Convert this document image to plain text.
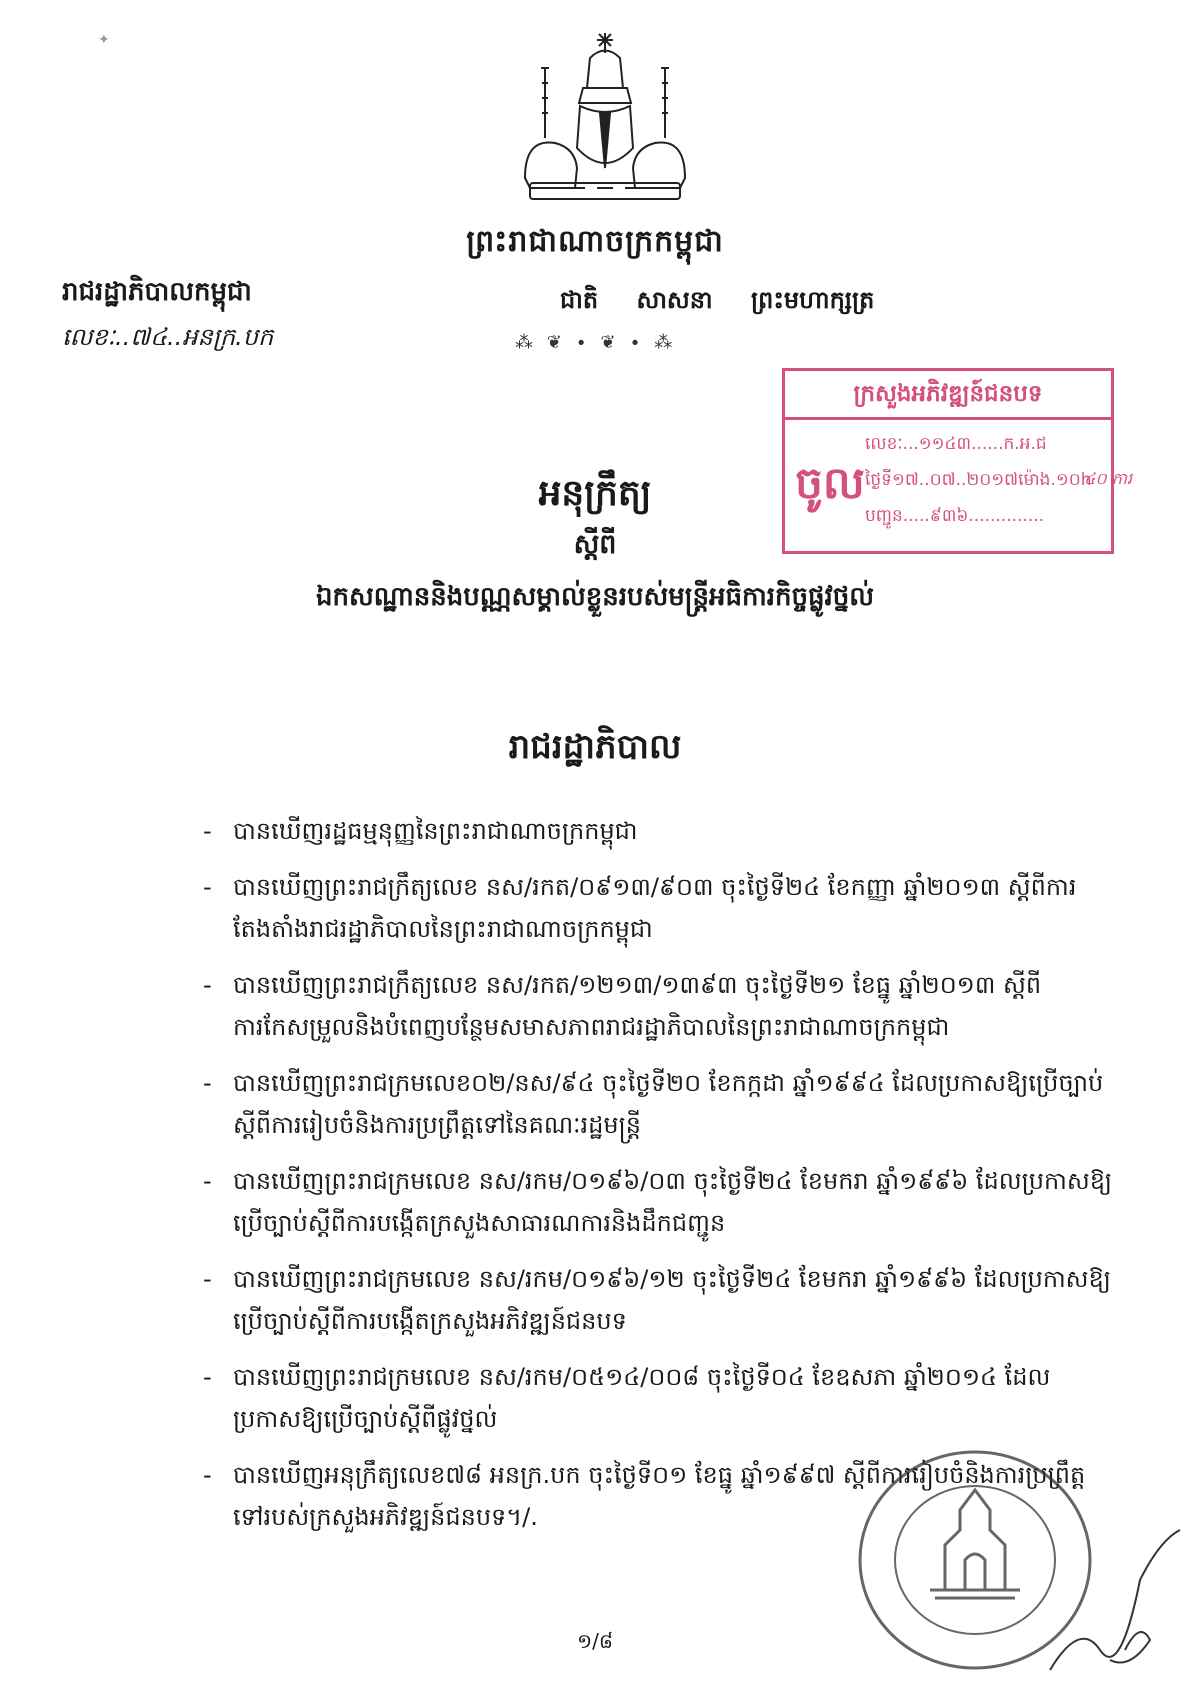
✦
ព្រះរាជាណាចក្រកម្ពុជា
រាជរដ្ឋាភិបាលកម្ពុជា	ជាតិ សាសនា ព្រះមហាក្សត្រ
លេខៈ..៧៤..អនក្រ.បក	⁂ ❦ ∙ ❦ ∙ ⁂
ក្រសួងអភិវឌ្ឍន៍ជនបទ
ចូល
លេខៈ...១១៤៣......ក.អ.ជ
ថ្ងៃទី១៧..០៧..២០១៧ម៉ោង.១០h
បញ្ជូន.....៩៣៦..............
៤០ ការ
អនុក្រឹត្យ
ស្ដីពី
ឯកសណ្ឋាននិងបណ្ណសម្គាល់ខ្លួនរបស់មន្ត្រីអធិការកិច្ចផ្លូវថ្នល់
រាជរដ្ឋាភិបាល
- បានឃើញរដ្ឋធម្មនុញ្ញនៃព្រះរាជាណាចក្រកម្ពុជា
- បានឃើញព្រះរាជក្រឹត្យលេខ នស/រកត/០៩១៣/៩០៣ ចុះថ្ងៃទី២៤ ខែកញ្ញា ឆ្នាំ២០១៣ ស្ដីពីការតែងតាំងរាជរដ្ឋាភិបាលនៃព្រះរាជាណាចក្រកម្ពុជា
- បានឃើញព្រះរាជក្រឹត្យលេខ នស/រកត/១២១៣/១៣៩៣ ចុះថ្ងៃទី២១ ខែធ្នូ ឆ្នាំ២០១៣ ស្ដីពីការកែសម្រួលនិងបំពេញបន្ថែមសមាសភាពរាជរដ្ឋាភិបាលនៃព្រះរាជាណាចក្រកម្ពុជា
- បានឃើញព្រះរាជក្រមលេខ០២/នស/៩៤ ចុះថ្ងៃទី២០ ខែកក្កដា ឆ្នាំ១៩៩៤ ដែលប្រកាសឱ្យប្រើច្បាប់ស្ដីពីការរៀបចំនិងការប្រព្រឹត្តទៅនៃគណៈរដ្ឋមន្ត្រី
- បានឃើញព្រះរាជក្រមលេខ នស/រកម/០១៩៦/០៣ ចុះថ្ងៃទី២៤ ខែមករា ឆ្នាំ១៩៩៦ ដែលប្រកាសឱ្យប្រើច្បាប់ស្ដីពីការបង្កើតក្រសួងសាធារណការនិងដឹកជញ្ជូន
- បានឃើញព្រះរាជក្រមលេខ នស/រកម/០១៩៦/១២ ចុះថ្ងៃទី២៤ ខែមករា ឆ្នាំ១៩៩៦ ដែលប្រកាសឱ្យប្រើច្បាប់ស្ដីពីការបង្កើតក្រសួងអភិវឌ្ឍន៍ជនបទ
- បានឃើញព្រះរាជក្រមលេខ នស/រកម/០៥១៤/០០៨ ចុះថ្ងៃទី០៤ ខែឧសភា ឆ្នាំ២០១៤ ដែលប្រកាសឱ្យប្រើច្បាប់ស្ដីពីផ្លូវថ្នល់
- បានឃើញអនុក្រឹត្យលេខ៧៨ អនក្រ.បក ចុះថ្ងៃទី០១ ខែធ្នូ ឆ្នាំ១៩៩៧ ស្ដីពីការរៀបចំនិងការប្រព្រឹត្តទៅរបស់ក្រសួងអភិវឌ្ឍន៍ជនបទ។/.
១/៨
